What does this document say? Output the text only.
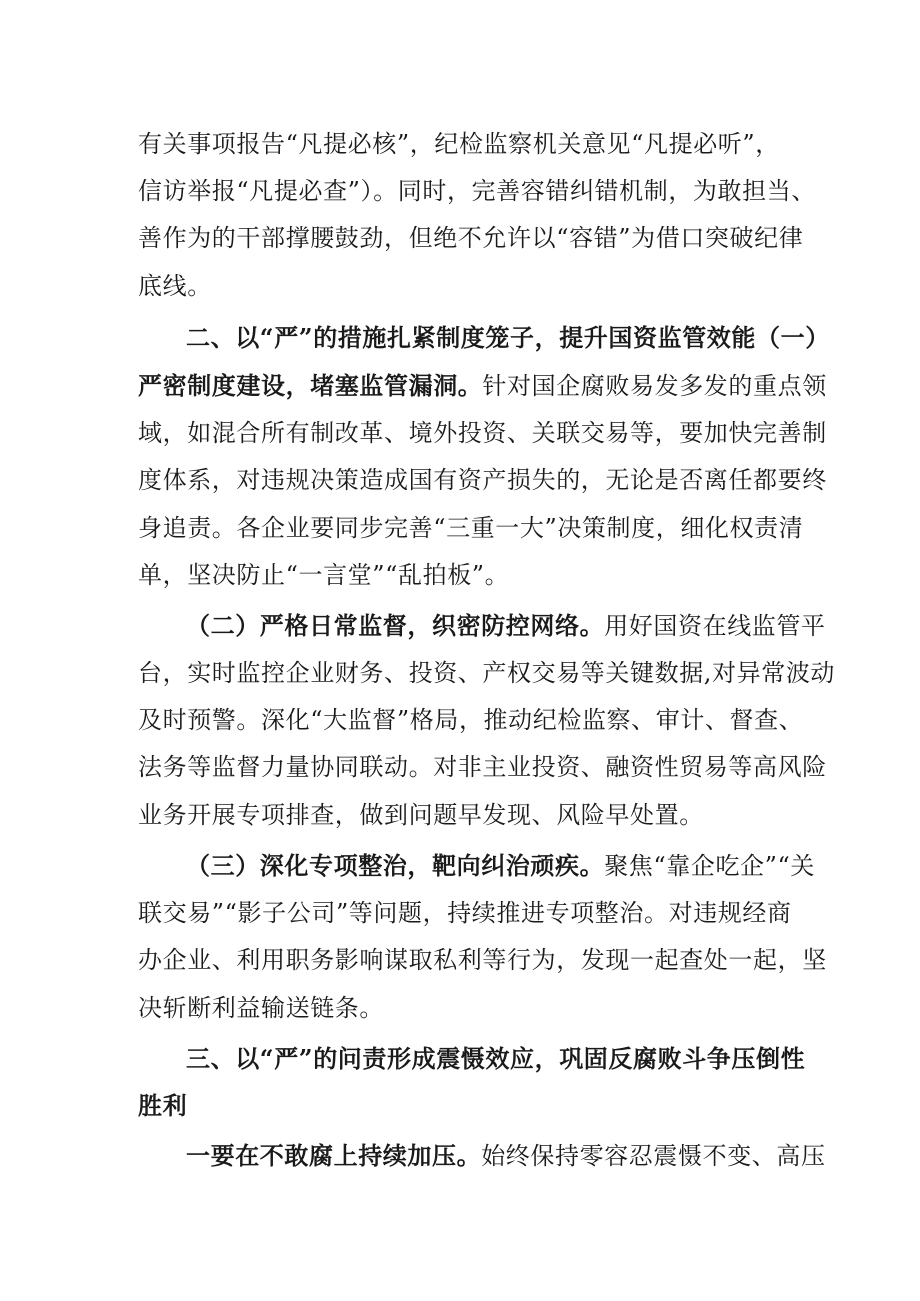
有关事项报告“凡提必核”，纪检监察机关意见“凡提必听”，
信访举报“凡提必查”）。同时，完善容错纠错机制，为敢担当、
善作为的干部撑腰鼓劲，但绝不允许以“容错”为借口突破纪律
底线。
二、以“严”的措施扎紧制度笼子，提升国资监管效能（一）
严密制度建设，堵塞监管漏洞。针对国企腐败易发多发的重点领
域，如混合所有制改革、境外投资、关联交易等，要加快完善制
度体系，对违规决策造成国有资产损失的，无论是否离任都要终
身追责。各企业要同步完善“三重一大”决策制度，细化权责清
单，坚决防止“一言堂”“乱拍板”。
（二）严格日常监督，织密防控网络。用好国资在线监管平
台，实时监控企业财务、投资、产权交易等关键数据,对异常波动
及时预警。深化“大监督”格局，推动纪检监察、审计、督查、
法务等监督力量协同联动。对非主业投资、融资性贸易等高风险
业务开展专项排查，做到问题早发现、风险早处置。
（三）深化专项整治，靶向纠治顽疾。聚焦“靠企吃企”“关
联交易”“影子公司”等问题，持续推进专项整治。对违规经商
办企业、利用职务影响谋取私利等行为，发现一起查处一起，坚
决斩断利益输送链条。
三、以“严”的问责形成震慑效应，巩固反腐败斗争压倒性
胜利
一要在不敢腐上持续加压。始终保持零容忍震慑不变、高压
